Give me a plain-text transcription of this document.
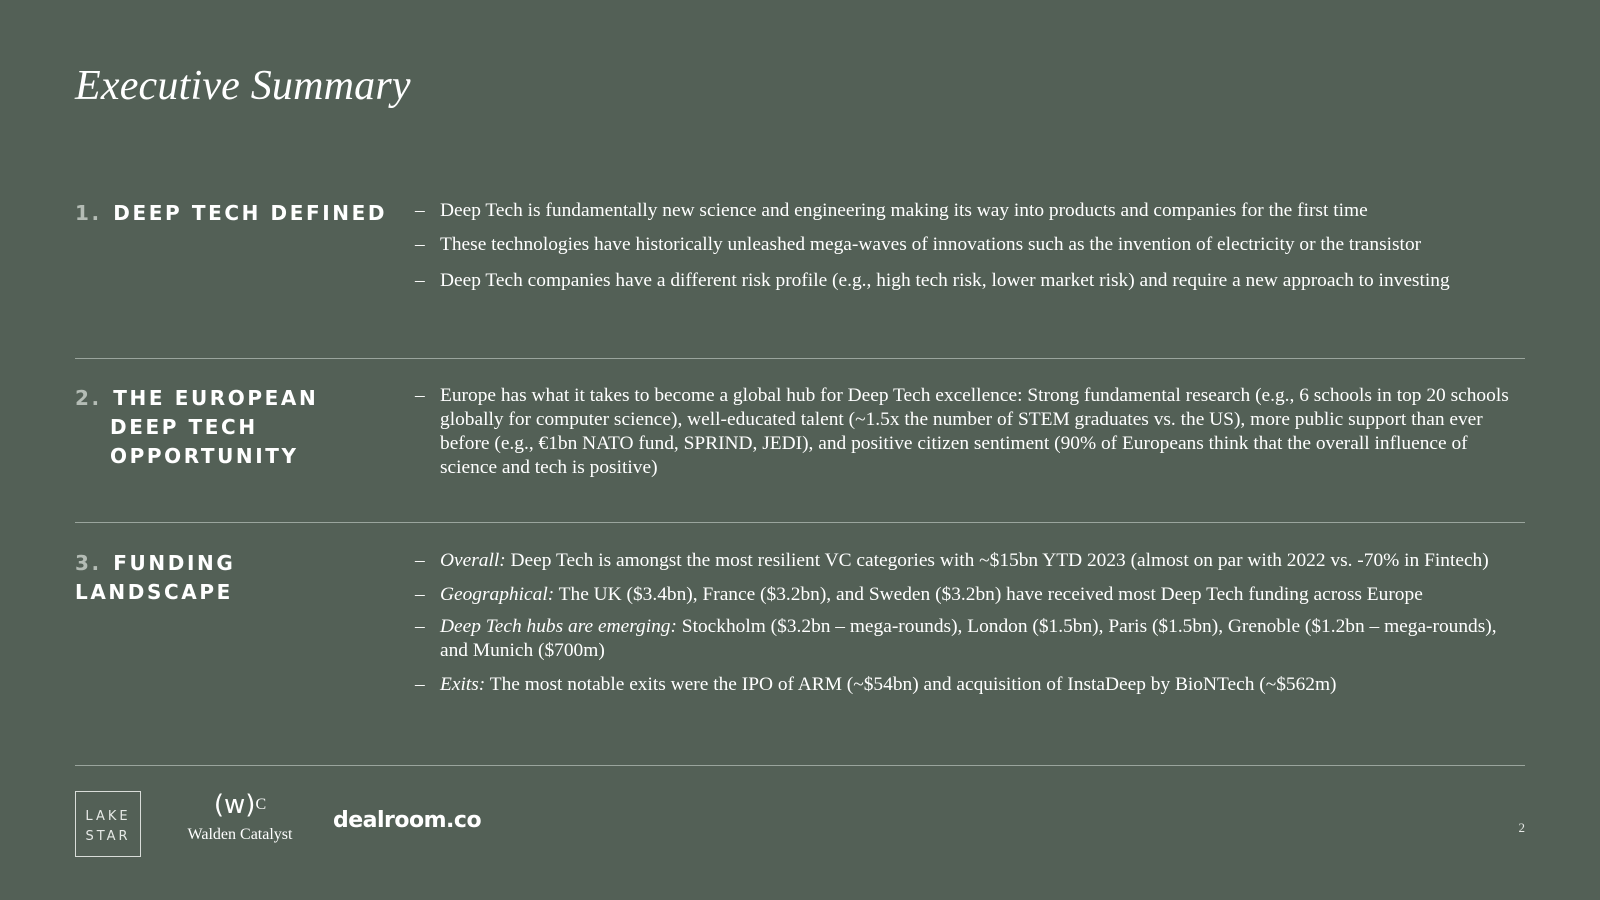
Executive Summary
1. DEEP TECH DEFINED
–	Deep Tech is fundamentally new science and engineering making its way into products and companies for the first time
– These technologies have historically unleashed mega-waves of innovations such as the invention of electricity or the transistor
– Deep Tech companies have a different risk profile (e.g., high tech risk, lower market risk) and require a new approach to investing
2. THE EUROPEAN
DEEP TECH
OPPORTUNITY
– Europe has what it takes to become a global hub for Deep Tech excellence: Strong fundamental research (e.g., 6 schools in top 20 schools globally for computer science), well-educated talent (~1.5x the number of STEM graduates vs. the US), more public support than ever before (e.g., €1bn NATO fund, SPRIND, JEDI), and positive citizen sentiment (90% of Europeans think that the overall influence of science and tech is positive)
3. FUNDING LANDSCAPE
– Overall: Deep Tech is amongst the most resilient VC categories with ~$15bn YTD 2023 (almost on par with 2022 vs. -70% in Fintech)
– Geographical: The UK ($3.4bn), France ($3.2bn), and Sweden ($3.2bn) have received most Deep Tech funding across Europe
– Deep Tech hubs are emerging: Stockholm ($3.2bn – mega-rounds), London ($1.5bn), Paris ($1.5bn), Grenoble ($1.2bn – mega-rounds), and Munich ($700m)
– Exits: The most notable exits were the IPO of ARM (~$54bn) and acquisition of InstaDeep by BioNTech (~$562m)
LAKE
STAR
$(w)^C$
Walden Catalyst
dealroom.co	2
